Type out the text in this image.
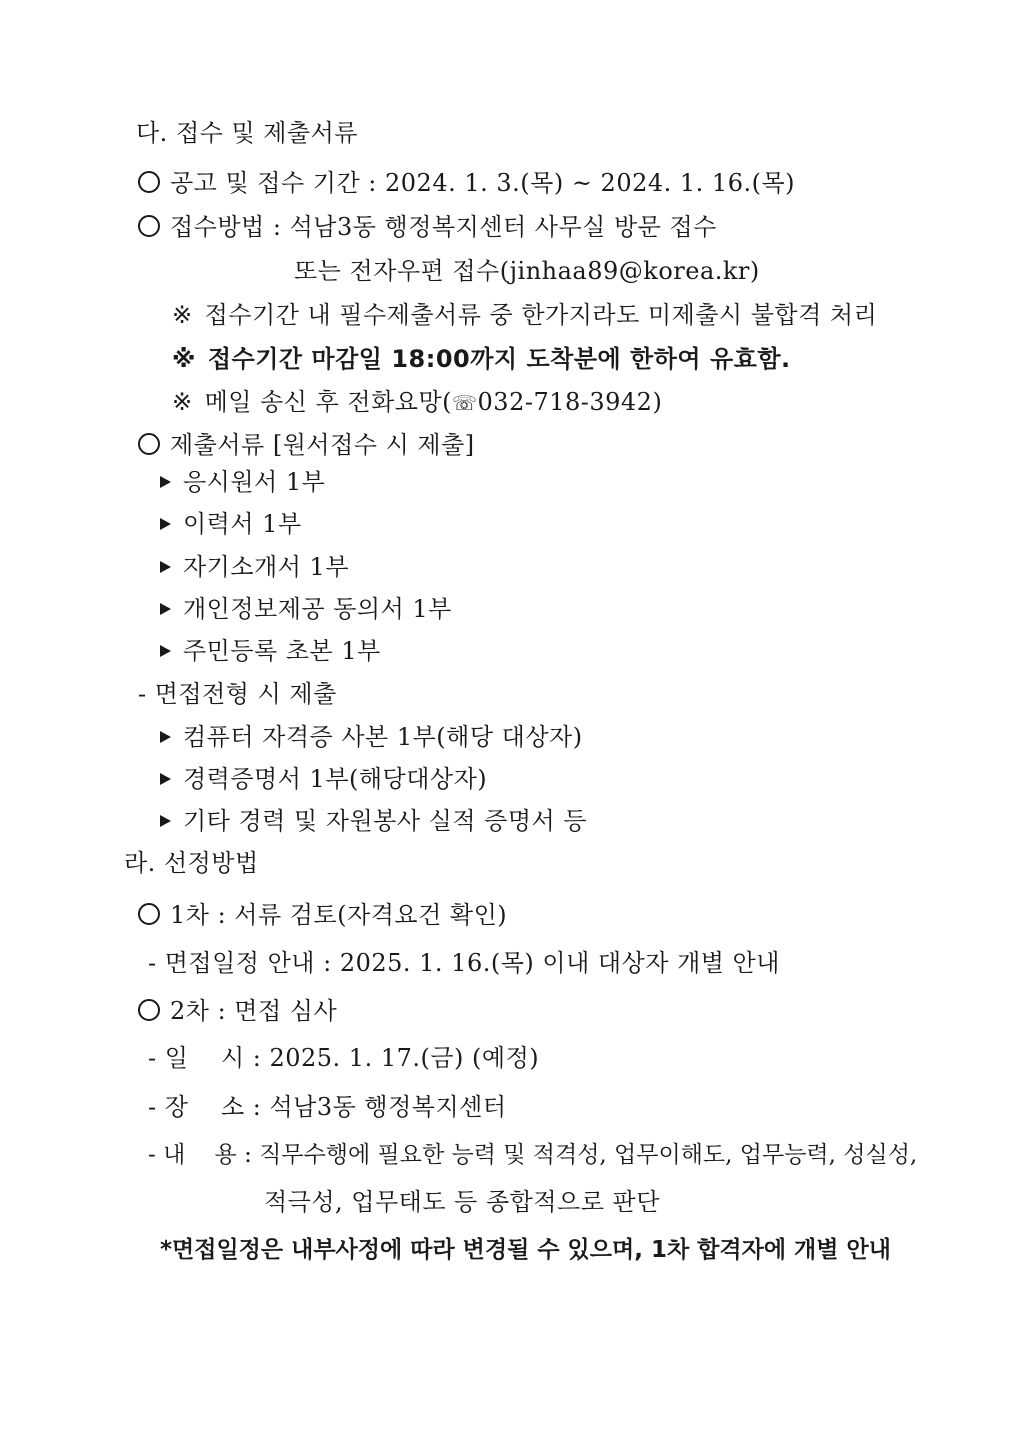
다. 접수 및 제출서류
공고 및 접수 기간 : 2024. 1. 3.(목) ~ 2024. 1. 16.(목)
접수방법 : 석남3동 행정복지센터 사무실 방문 접수
또는 전자우편 접수(jinhaa89@korea.kr)
※ 접수기간 내 필수제출서류 중 한가지라도 미제출시 불합격 처리
※ 접수기간 마감일 18:00까지 도착분에 한하여 유효함.
※ 메일 송신 후 전화요망(☏032-718-3942)
제출서류 [원서접수 시 제출]
응시원서 1부
이력서 1부
자기소개서 1부
개인정보제공 동의서 1부
주민등록 초본 1부
- 면접전형 시 제출
컴퓨터 자격증 사본 1부(해당 대상자)
경력증명서 1부(해당대상자)
기타 경력 및 자원봉사 실적 증명서 등
라. 선정방법
1차 : 서류 검토(자격요건 확인)
- 면접일정 안내 : 2025. 1. 16.(목) 이내 대상자 개별 안내
2차 : 면접 심사
- 일    시 : 2025. 1. 17.(금) (예정)
- 장    소 : 석남3동 행정복지센터
- 내    용 : 직무수행에 필요한 능력 및 적격성, 업무이해도, 업무능력, 성실성,
적극성, 업무태도 등 종합적으로 판단
*면접일정은 내부사정에 따라 변경될 수 있으며, 1차 합격자에 개별 안내
